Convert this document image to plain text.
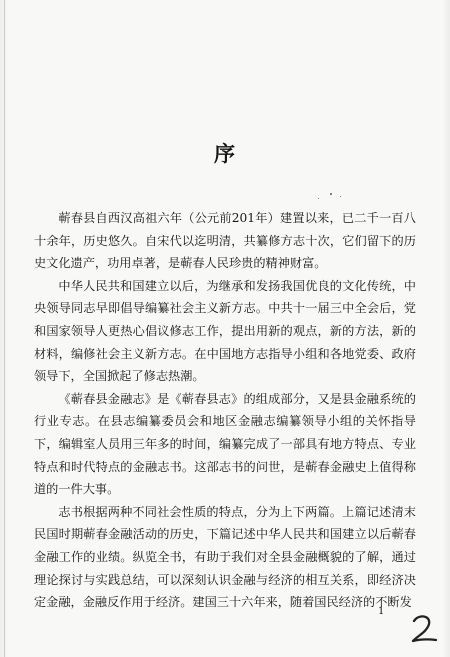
序

蕲春县自西汉高祖六年（公元前201年）建置以来，已二千一百八十余年，历史悠久。自宋代以迄明清，共纂修方志十次，它们留下的历史文化遗产，功用卓著，是蕲春人民珍贵的精神财富。

中华人民共和国建立以后，为继承和发扬我国优良的文化传统，中央领导同志早即倡导编纂社会主义新方志。中共十一届三中全会后，党和国家领导人更热心倡议修志工作，提出用新的观点，新的方法，新的材料，编修社会主义新方志。在中国地方志指导小组和各地党委、政府领导下，全国掀起了修志热潮。

《蕲春县金融志》是《蕲春县志》的组成部分，又是县金融系统的行业专志。在县志编纂委员会和地区金融志编纂领导小组的关怀指导下，编辑室人员用三年多的时间，编纂完成了一部具有地方特点、专业特点和时代特点的金融志书。这部志书的问世，是蕲春金融史上值得称道的一件大事。

志书根据两种不同社会性质的特点，分为上下两篇。上篇记述清末民国时期蕲春金融活动的历史，下篇记述中华人民共和国建立以后蕲春金融工作的业绩。纵览全书，有助于我们对全县金融概貌的了解，通过理论探讨与实践总结，可以深刻认识金融与经济的相互关系，即经济决定金融，金融反作用于经济。建国三十六年来，随着国民经济的不断发

1
